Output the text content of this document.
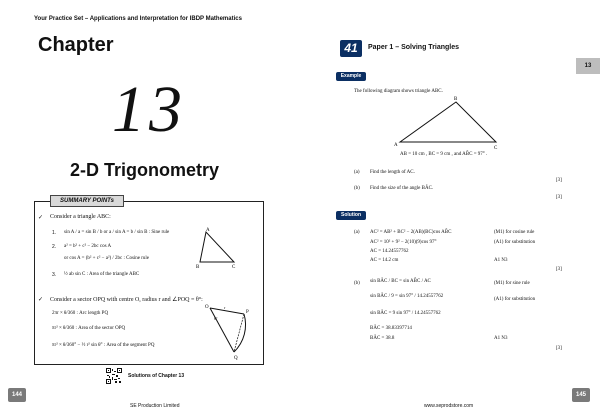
Your Practice Set – Applications and Interpretation for IBDP Mathematics
Chapter
13
2-D Trigonometry
SUMMARY POINTs
✓ Consider a triangle ABC:
1. sin A / a = sin B / b or a / sin A = b / sin B : Sine rule
2. a² = b² + c² − 2bc cos A
or cos A = (b² + c² − a²) / 2bc : Cosine rule
3. ½ ab sin C : Area of the triangle ABC
A
B	C
✓ Consider a sector OPQ with centre O, radius r and ∠POQ = θ°:
2πr × θ/360 : Arc length PQ
πr² × θ/360 : Area of the sector OPQ
πr² × θ/360° − ½ r² sin θ° : Area of the segment PQ
O
P
Q
r
θ°
Solutions of Chapter 13
144
SE Production Limited
41	Paper 1 – Solving Triangles
13
Example
The following diagram shows triangle ABC.
A
B
C
AB = 10 cm , BC = 9 cm , and AB̂C = 97° .
(a) Find the length of AC.
[3]
(b) Find the size of the angle BÂC.
[3]
Solution
(a) AC² = AB² + BC² − 2(AB)(BC)cos AB̂C
AC² = 10² + 9² − 2(10)(9)cos 97°
AC = 14.24557762
AC = 14.2 cm
(M1) for cosine rule
(A1) for substitution
A1 N3
[3]
(b) sin BÂC / BC = sin AB̂C / AC
sin BÂC / 9 = sin 97° / 14.24557762
sin BÂC = 9 sin 97° / 14.24557762
BÂC = 38.83397714
BÂC = 38.8
(M1) for sine rule
(A1) for substitution
A1 N3
[3]
145
www.seprodstore.com
